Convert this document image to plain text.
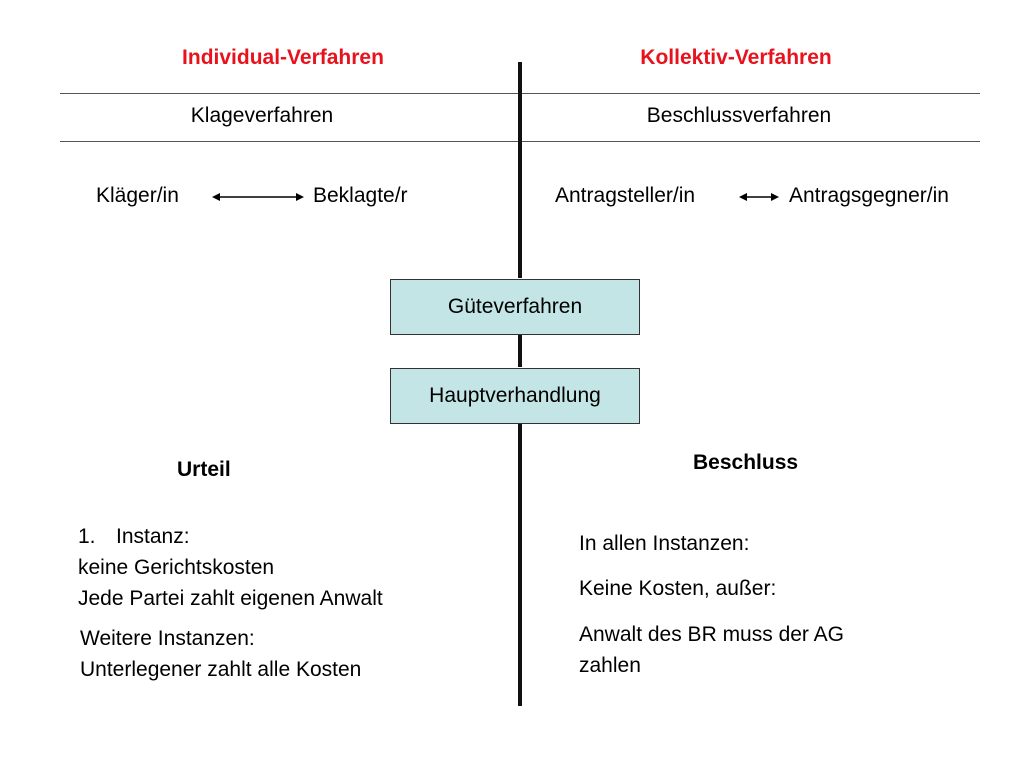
Individual-Verfahren	Kollektiv-Verfahren
Klageverfahren	Beschlussverfahren
Kläger/in	Beklagte/r	Antragsteller/in	Antragsgegner/in
Güteverfahren
Hauptverhandlung
Urteil	Beschluss
1. Instanz:
keine Gerichtskosten
Jede Partei zahlt eigenen Anwalt
Weitere Instanzen:
Unterlegener zahlt alle Kosten
In allen Instanzen:
Keine Kosten, außer:
Anwalt des BR muss der AG
zahlen
